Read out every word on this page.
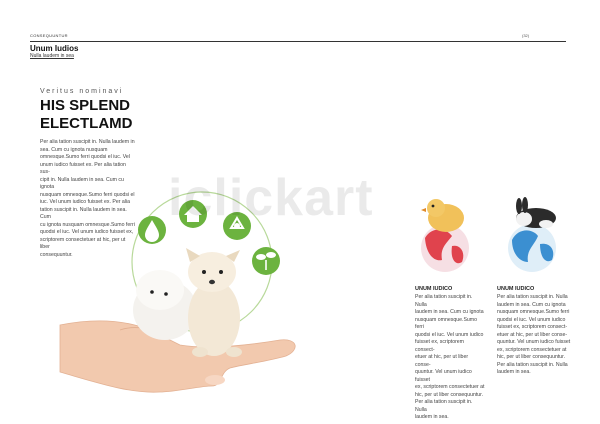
CONSEQUUNTUR	(32)
Unum Iudios
Nulla laudem in sea
Veritus nominavi
HIS SPLEND
ELECTLAMD
Per alia tation suscipit in. Nulla laudem in
sea. Cum cu ignota nusquam
omnesque.Sumo ferri quodsi el iuc. Vel
unum iudico fuisset ex. Per alia tation sus-
cipit in. Nulla laudem in sea. Cum cu ignota
nusquam omnesque.Sumo ferri quodsi el
iuc. Vel unum iudico fuisset ex. Per alia
tation suscipit in. Nulla laudem in sea. Cum
cu ignota nusquam omnesque.Sumo ferri
quodsi el iuc. Vel unum iudico fuisset ex,
scriptorem consectetuer at hic, per ut liber
consequuntur.
iclickart
UNUM IUDICO
Per alia tation suscipit in. Nulla
laudem in sea. Cum cu ignota
nusquam omnesque.Sumo ferri
quodsi el iuc. Vel unum iudico
fuisset ex, scriptorem consect-
etuer at hic, per ut liber conse-
quuntur. Vel unum iudico fuisset
ex, scriptorem consectetuer at
hic, per ut liber consequuntur.
Per alia tation suscipit in. Nulla
laudem in sea.
UNUM IUDICO
Per alia tation suscipit in. Nulla
laudem in sea. Cum cu ignota
nusquam omnesque.Sumo ferri
quodsi el iuc. Vel unum iudico
fuisset ex, scriptorem consect-
etuer at hic, per ut liber conse-
quuntur. Vel unum iudico fuisset
ex, scriptorem consectetuer at
hic, per ut liber consequuntur.
Per alia tation suscipit in. Nulla
laudem in sea.
